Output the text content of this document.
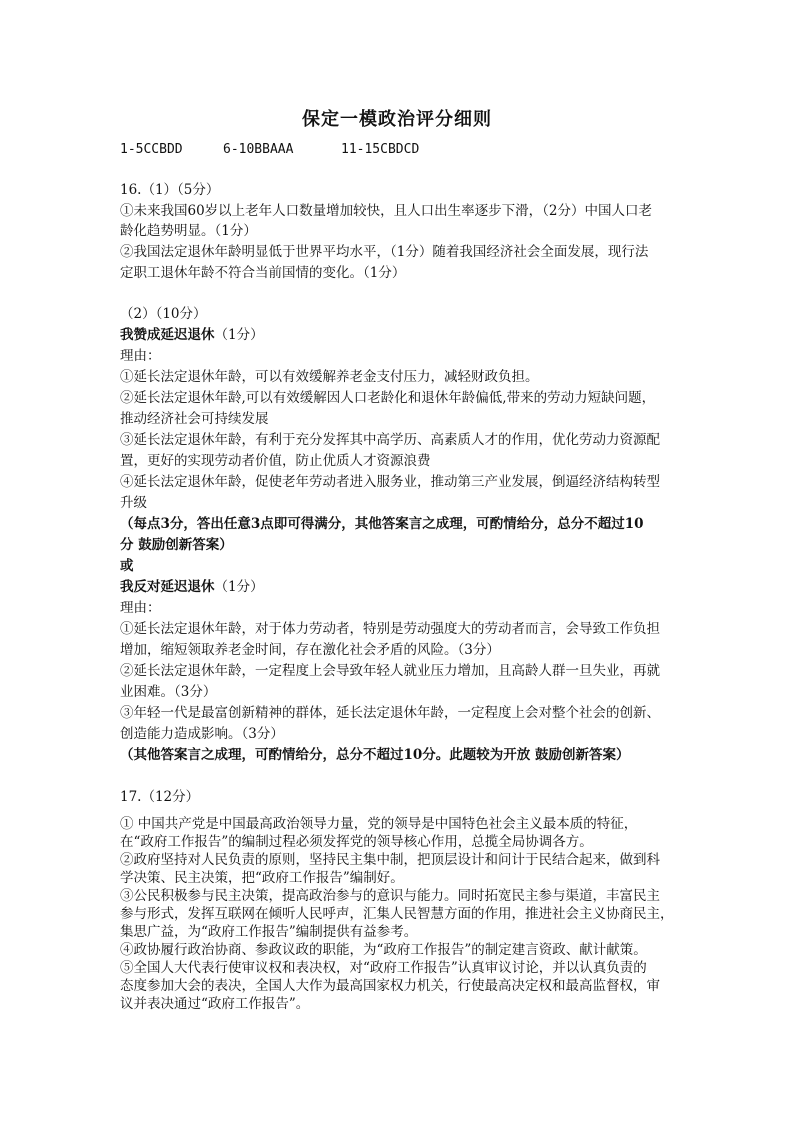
保定一模政治评分细则
1-5CCBDD	6-10BBAAA	11-15CBDCD
16.（1）（5分）
①未来我国60岁以上老年人口数量增加较快，且人口出生率逐步下滑，（2分）中国人口老
龄化趋势明显。（1分）
②我国法定退休年龄明显低于世界平均水平，（1分）随着我国经济社会全面发展，现行法
定职工退休年龄不符合当前国情的变化。（1分）
（2）（10分）
我赞成延迟退休（1分）
理由：
①延长法定退休年龄，可以有效缓解养老金支付压力，减轻财政负担。
②延长法定退休年龄,可以有效缓解因人口老龄化和退休年龄偏低,带来的劳动力短缺问题，
推动经济社会可持续发展
③延长法定退休年龄，有利于充分发挥其中高学历、高素质人才的作用，优化劳动力资源配
置，更好的实现劳动者价值，防止优质人才资源浪费
④延长法定退休年龄，促使老年劳动者进入服务业，推动第三产业发展，倒逼经济结构转型
升级
（每点3分，答出任意3点即可得满分，其他答案言之成理，可酌情给分，总分不超过10
分 鼓励创新答案）
或
我反对延迟退休（1分）
理由：
①延长法定退休年龄，对于体力劳动者，特别是劳动强度大的劳动者而言，会导致工作负担
增加，缩短领取养老金时间，存在激化社会矛盾的风险。（3分）
②延长法定退休年龄，一定程度上会导致年轻人就业压力增加，且高龄人群一旦失业，再就
业困难。（3分）
③年轻一代是最富创新精神的群体，延长法定退休年龄，一定程度上会对整个社会的创新、
创造能力造成影响。（3分）
（其他答案言之成理，可酌情给分，总分不超过10分。此题较为开放 鼓励创新答案）
17.（12分）
① 中国共产党是中国最高政治领导力量，党的领导是中国特色社会主义最本质的特征，
在“政府工作报告”的编制过程必须发挥党的领导核心作用，总揽全局协调各方。
②政府坚持对人民负责的原则，坚持民主集中制，把顶层设计和问计于民结合起来，做到科
学决策、民主决策，把“政府工作报告”编制好。
③公民积极参与民主决策，提高政治参与的意识与能力。同时拓宽民主参与渠道，丰富民主
参与形式，发挥互联网在倾听人民呼声，汇集人民智慧方面的作用，推进社会主义协商民主，
集思广益，为“政府工作报告”编制提供有益参考。
④政协履行政治协商、参政议政的职能，为“政府工作报告”的制定建言资政、献计献策。
⑤全国人大代表行使审议权和表决权，对“政府工作报告”认真审议讨论，并以认真负责的
态度参加大会的表决，全国人大作为最高国家权力机关，行使最高决定权和最高监督权，审
议并表决通过“政府工作报告”。
